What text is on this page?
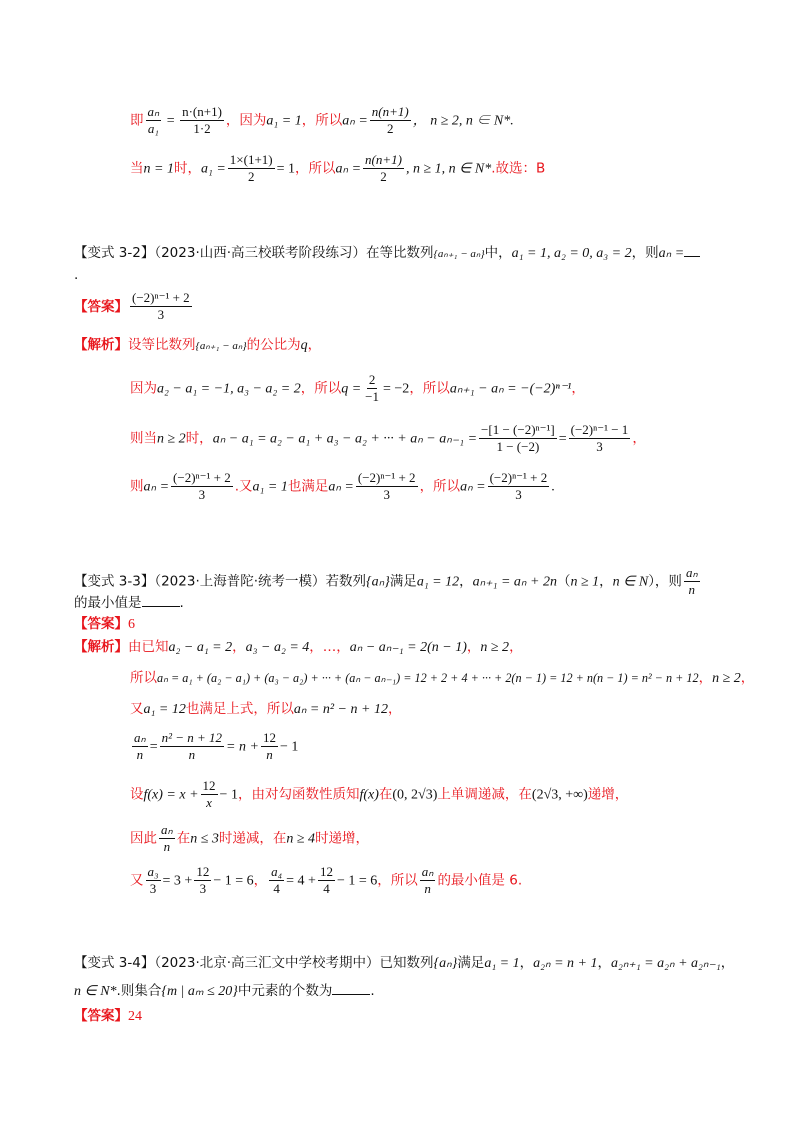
即 $\frac{\text{aₙ}}{\text{a₁}} = \frac{n\cdot(n+1)}{1\cdot 2}$ ，因为a₁ = 1，所以$a_n = \frac{n(n+1)}{2}$ ， n ≥ 2, n ∈ N*.
当n = 1时，$a_1 = \frac{1\times(1+1)}{2} = 1$，所以$a_n = \frac{n(n+1)}{2}$ , n ≥ 1, n ∈ N*.故选：B
【变式 3-2】（2023·山西·高三校联考阶段练习）在等比数列{aₙ₊₁ − aₙ}中，a₁ = 1, a₂ = 0, a₃ = 2，则aₙ =
.
【答案】 $\frac{\text{(−2)ⁿ⁻¹ + 2}}{3}$
【解析】设等比数列{aₙ₊₁ − aₙ}的公比为q，
因为a₂ − a₁ = −1, a₃ − a₂ = 2，所以$q = \frac{2}{-1} = -2$，所以aₙ₊₁ − aₙ = −(−2)ⁿ⁻¹，
则当n ≥ 2时，aₙ − a₁ = a₂ − a₁ + a₃ − a₂ + ··· + $a_n - a_{n-1} = \frac{\text{−[1 − (−2)ⁿ⁻¹]}}{1 - (-2)} = \frac{\text{(−2)ⁿ⁻¹ − 1}}{3}$ ，
则$a_n = \frac{\text{(−2)ⁿ⁻¹ + 2}}{3}$ .又a₁ = 1也满足$a_n = \frac{\text{(−2)ⁿ⁻¹ + 2}}{3}$ ，所以$a_n = \frac{\text{(−2)ⁿ⁻¹ + 2}}{3}$ .
【变式 3-3】（2023·上海普陀·统考一模）若数列{aₙ}满足a₁ = 12，aₙ₊₁ = aₙ + 2n（n ≥ 1，n ∈ N），则 $\frac{\text{aₙ}}{n}$
的最小值是	.
【答案】6
【解析】由已知a₂ − a₁ = 2，a₃ − a₂ = 4，…，aₙ − aₙ₋₁ = 2(n − 1)，n ≥ 2，
所以aₙ = a₁ + (a₂ − a₁) + (a₃ − a₂) + ··· + (aₙ − aₙ₋₁) = 12 + 2 + 4 + ··· + 2(n − 1) = 12 + n(n − 1) = n² − n + 12，n ≥ 2，
又a₁ = 12也满足上式，所以aₙ = n² − n + 12，
$\frac{\text{aₙ}}{n} = \frac{\text{n² − n + 12}}{n} = n + \frac{12}{n} - 1$
设$f(x) = x + \frac{12}{x} - 1$，由对勾函数性质知f(x)在(0, 2√3)上单调递减，在(2√3, +∞)递增，
因此 $\frac{\text{aₙ}}{n}$ 在n ≤ 3时递减，在n ≥ 4时递增，
又 $\frac{\text{a₃}}{3} = 3 + \frac{12}{3} - 1 = 6$， $\frac{\text{a₄}}{4} = 4 + \frac{12}{4} - 1 = 6$，所以 $\frac{\text{aₙ}}{n}$ 的最小值是 6.
【变式 3-4】（2023·北京·高三汇文中学校考期中）已知数列{aₙ}满足a₁ = 1，a₂ₙ = n + 1，a₂ₙ₊₁ = a₂ₙ + a₂ₙ₋₁，
n ∈ N*.则集合{m | aₘ ≤ 20}中元素的个数为	.
【答案】24
